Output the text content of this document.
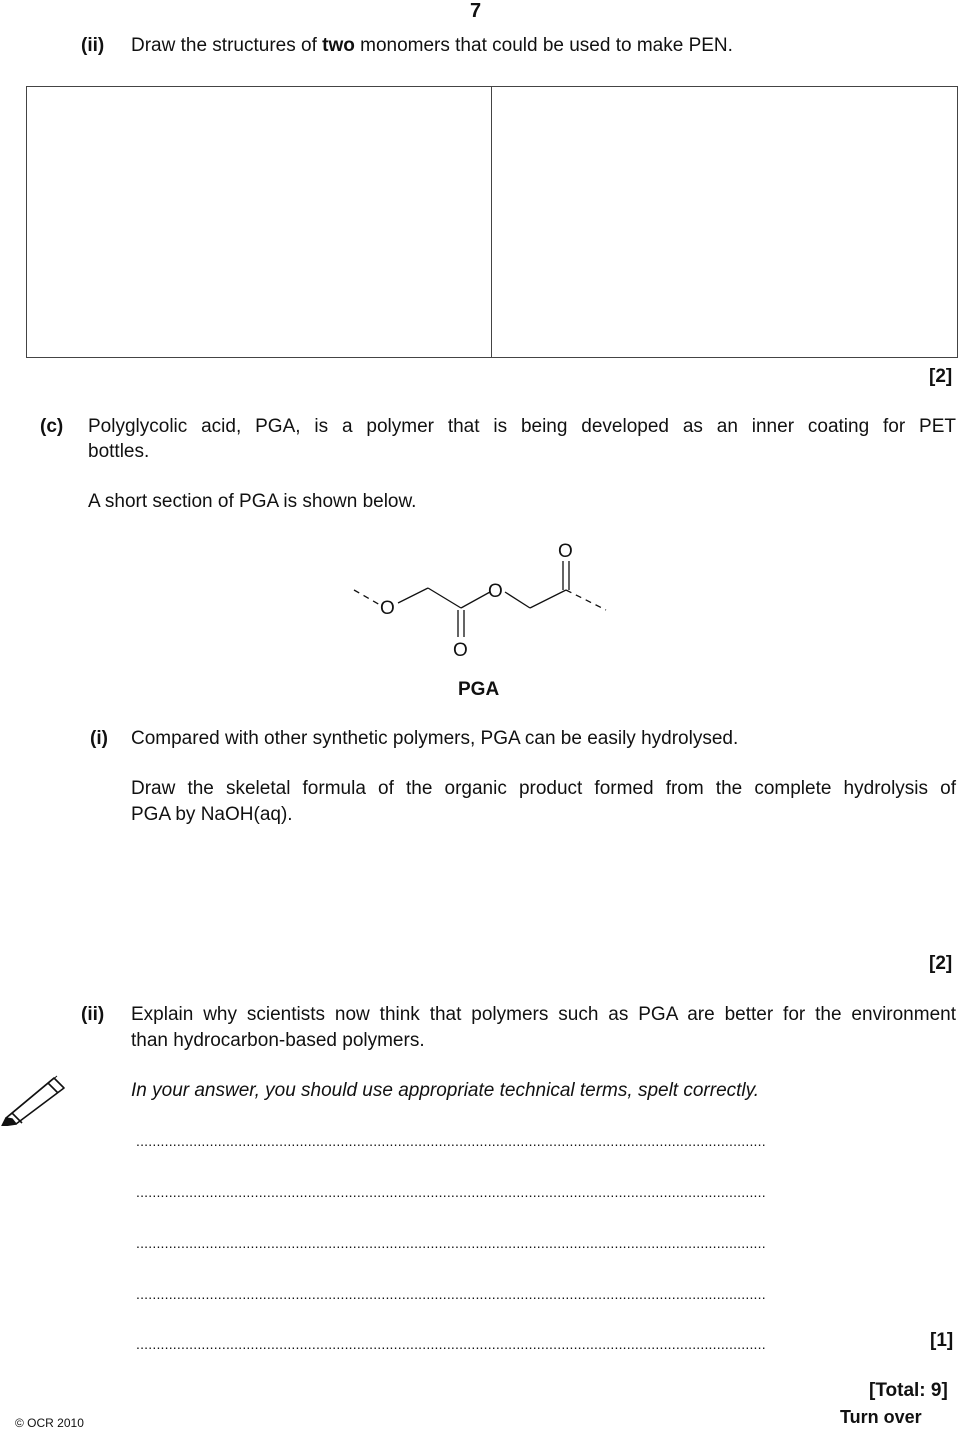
7
(ii) Draw the structures of two monomers that could be used to make PEN.
[2]
(c) Polyglycolic acid, PGA, is a polymer that is being developed as an inner coating for PET
bottles.
A short section of PGA is shown below.
O
O
O
O
PGA
(i) Compared with other synthetic polymers, PGA can be easily hydrolysed.
Draw the skeletal formula of the organic product formed from the complete hydrolysis of
PGA by NaOH(aq).
[2]
(ii) Explain why scientists now think that polymers such as PGA are better for the environment
than hydrocarbon-based polymers.
In your answer, you should use appropriate technical terms, spelt correctly.
..........................................................................................................................................................
..........................................................................................................................................................
..........................................................................................................................................................
..........................................................................................................................................................
..........................................................................................................................................................	[1]
[Total: 9]
© OCR 2010	Turn over
